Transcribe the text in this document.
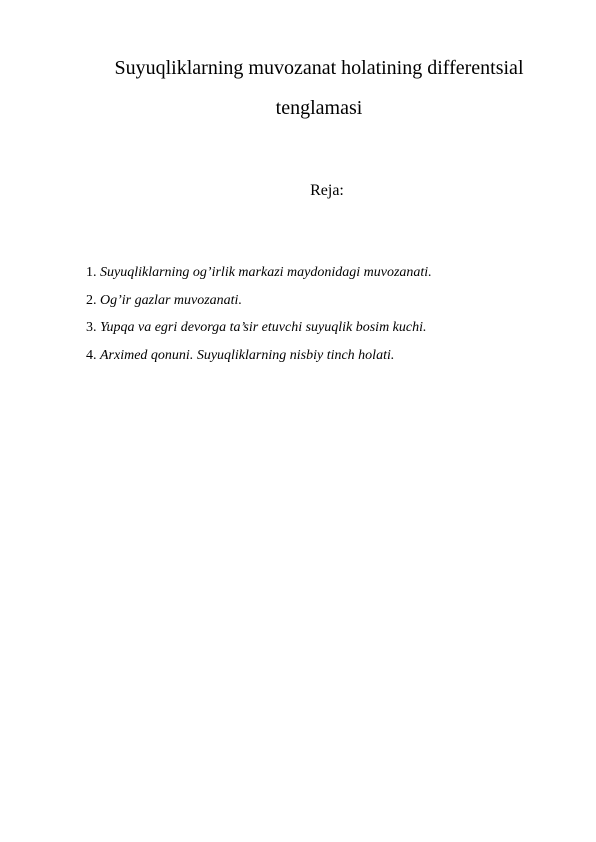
Suyuqliklarning muvozanat holatining differentsial
tenglamasi
Reja:
1. Suyuqliklarning og’irlik markazi maydonidagi muvozanati.
2. Og’ir gazlar muvozanati.
3. Yupqa va egri devorga ta’sir etuvchi suyuqlik bosim kuchi.
4. Arximed qonuni. Suyuqliklarning nisbiy tinch holati.
